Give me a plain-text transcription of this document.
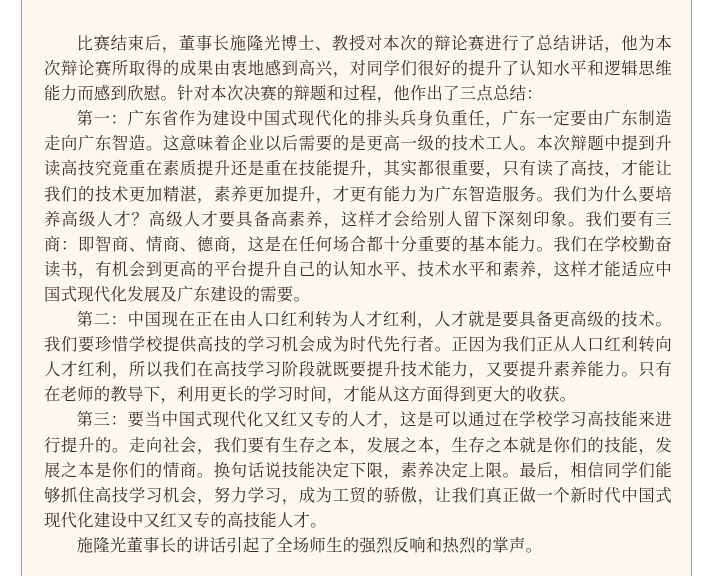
比赛结束后，董事长施隆光博士、教授对本次的辩论赛进行了总结讲话，他为本次辩论赛所取得的成果由衷地感到高兴，对同学们很好的提升了认知水平和逻辑思维能力而感到欣慰。针对本次决赛的辩题和过程，他作出了三点总结：

第一：广东省作为建设中国式现代化的排头兵身负重任，广东一定要由广东制造走向广东智造。这意味着企业以后需要的是更高一级的技术工人。本次辩题中提到升读高技究竟重在素质提升还是重在技能提升，其实都很重要，只有读了高技，才能让我们的技术更加精湛，素养更加提升，才更有能力为广东智造服务。我们为什么要培养高级人才？高级人才要具备高素养，这样才会给别人留下深刻印象。我们要有三商：即智商、情商、德商，这是在任何场合都十分重要的基本能力。我们在学校勤奋读书，有机会到更高的平台提升自己的认知水平、技术水平和素养，这样才能适应中国式现代化发展及广东建设的需要。

第二：中国现在正在由人口红利转为人才红利，人才就是要具备更高级的技术。我们要珍惜学校提供高技的学习机会成为时代先行者。正因为我们正从人口红利转向人才红利，所以我们在高技学习阶段就既要提升技术能力，又要提升素养能力。只有在老师的教导下，利用更长的学习时间，才能从这方面得到更大的收获。

第三：要当中国式现代化又红又专的人才，这是可以通过在学校学习高技能来进行提升的。走向社会，我们要有生存之本，发展之本，生存之本就是你们的技能，发展之本是你们的情商。换句话说技能决定下限，素养决定上限。最后，相信同学们能够抓住高技学习机会，努力学习，成为工贸的骄傲，让我们真正做一个新时代中国式现代化建设中又红又专的高技能人才。

施隆光董事长的讲话引起了全场师生的强烈反响和热烈的掌声。
